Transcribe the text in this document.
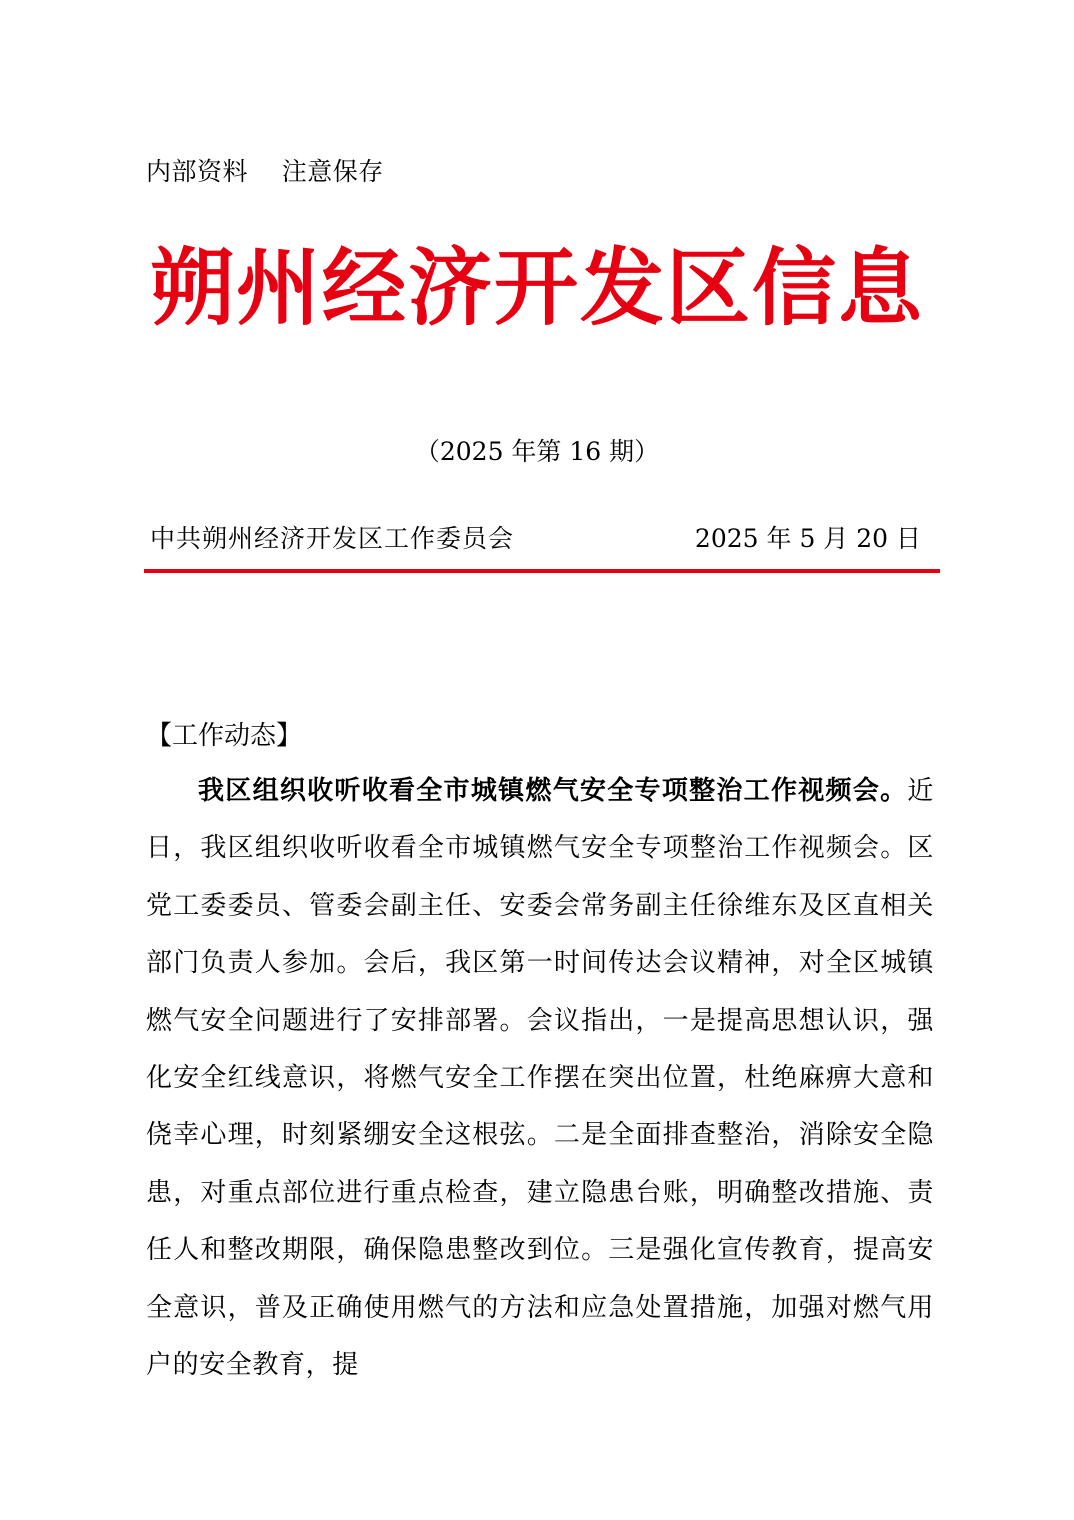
内部资料    注意保存
朔州经济开发区信息
（2025 年第 16 期）
中共朔州经济开发区工作委员会	2025 年 5 月 20 日
【工作动态】

我区组织收听收看全市城镇燃气安全专项整治工作视频会。近日，我区组织收听收看全市城镇燃气安全专项整治工作视频会。区党工委委员、管委会副主任、安委会常务副主任徐维东及区直相关部门负责人参加。会后，我区第一时间传达会议精神，对全区城镇燃气安全问题进行了安排部署。会议指出，一是提高思想认识，强化安全红线意识，将燃气安全工作摆在突出位置，杜绝麻痹大意和侥幸心理，时刻紧绷安全这根弦。二是全面排查整治，消除安全隐患，对重点部位进行重点检查，建立隐患台账，明确整改措施、责任人和整改期限，确保隐患整改到位。三是强化宣传教育，提高安全意识，普及正确使用燃气的方法和应急处置措施，加强对燃气用户的安全教育，提
